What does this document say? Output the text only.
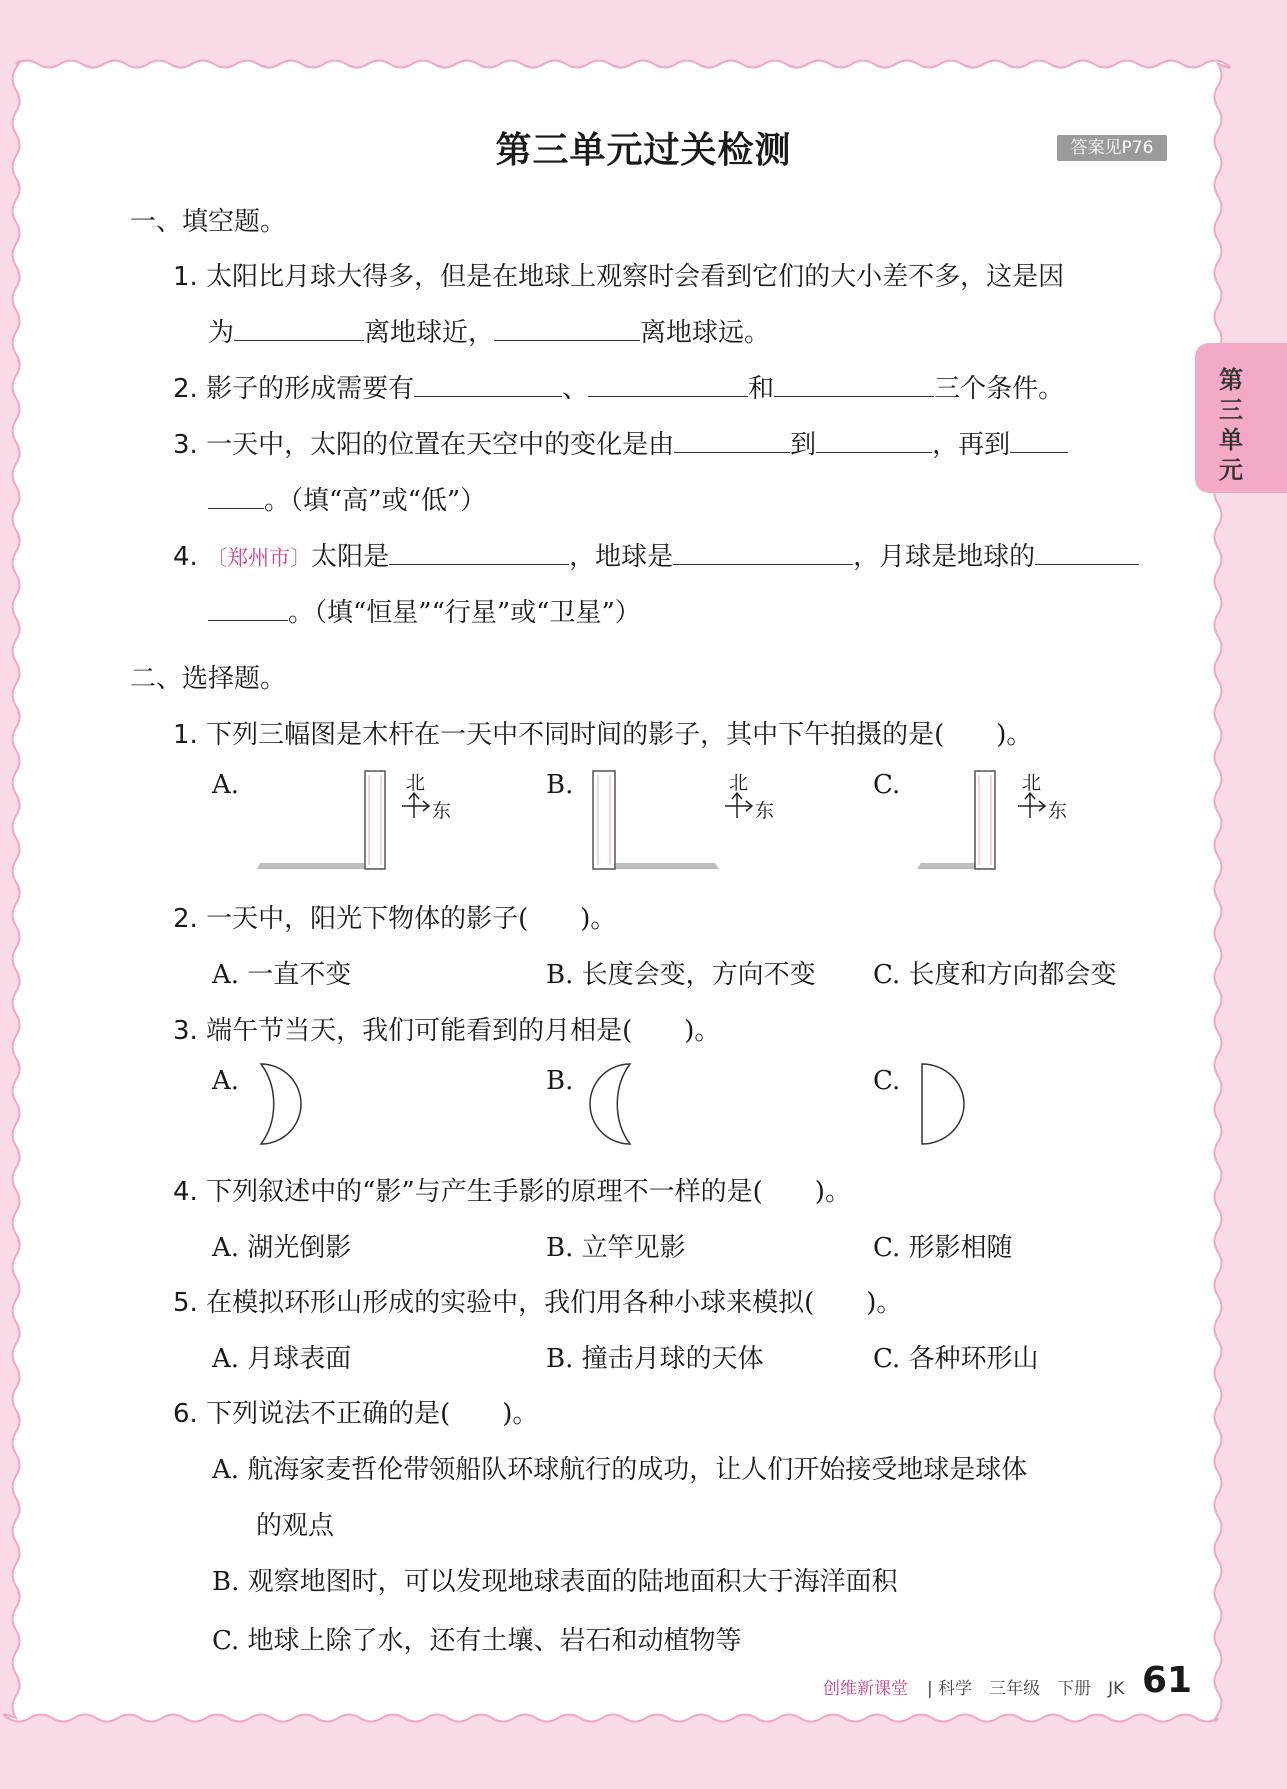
第三单元过关检测	答案见P76
第三单元
一、填空题。
1. 太阳比月球大得多，但是在地球上观察时会看到它们的大小差不多，这是因
为	离地球近，	离地球远。
2. 影子的形成需要有	、	和	三个条件。
3. 一天中，太阳的位置在天空中的变化是由	到	，再到
。（填“高”或“低”）
4. 〔郑州市〕太阳是	，地球是	，月球是地球的
。（填“恒星”“行星”或“卫星”）
二、选择题。
1. 下列三幅图是木杆在一天中不同时间的影子，其中下午拍摄的是(　　)。
A.	B.	C.
北
东
北
东
北
东
2. 一天中，阳光下物体的影子(　　)。
A. 一直不变	B. 长度会变，方向不变 C. 长度和方向都会变
3. 端午节当天，我们可能看到的月相是(　　)。
A.	B.	C.
4. 下列叙述中的“影”与产生手影的原理不一样的是(　　)。
A. 湖光倒影	B. 立竿见影	C. 形影相随
5. 在模拟环形山形成的实验中，我们用各种小球来模拟(　　)。
A. 月球表面	B. 撞击月球的天体	C. 各种环形山
6. 下列说法不正确的是(　　)。
A. 航海家麦哲伦带领船队环球航行的成功，让人们开始接受地球是球体
的观点
B. 观察地图时，可以发现地球表面的陆地面积大于海洋面积
C. 地球上除了水，还有土壤、岩石和动植物等
创维新课堂 | 科学　三年级　下册　JK 61
